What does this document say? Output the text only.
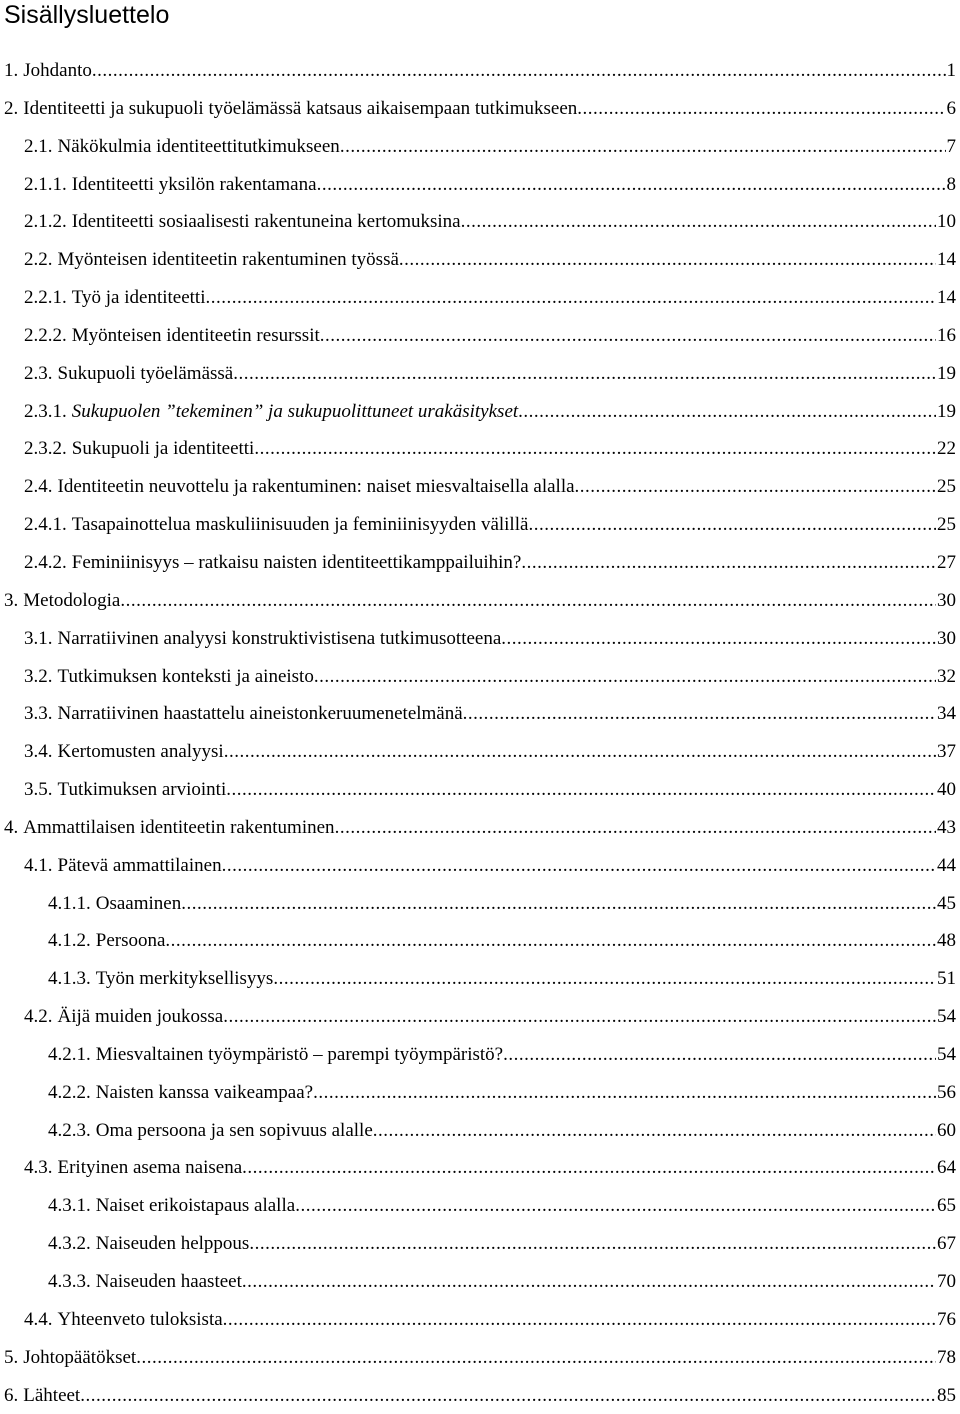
Sisällysluettelo
1. Johdanto .....	1
2. Identiteetti ja sukupuoli työelämässä katsaus aikaisempaan tutkimukseen .....	6
2.1. Näkökulmia identiteettitutkimukseen .....	7
2.1.1. Identiteetti yksilön rakentamana .....	8
2.1.2. Identiteetti sosiaalisesti rakentuneina kertomuksina .....	10
2.2. Myönteisen identiteetin rakentuminen työssä .....	14
2.2.1. Työ ja identiteetti .....	14
2.2.2. Myönteisen identiteetin resurssit .....	16
2.3. Sukupuoli työelämässä .....	19
2.3.1. Sukupuolen ”tekeminen” ja sukupuolittuneet urakäsitykset .....	19
2.3.2. Sukupuoli ja identiteetti .....	22
2.4. Identiteetin neuvottelu ja rakentuminen: naiset miesvaltaisella alalla .....	25
2.4.1. Tasapainottelua maskuliinisuuden ja feminiinisyyden välillä .....	25
2.4.2. Feminiinisyys – ratkaisu naisten identiteettikamppailuihin? .....	27
3. Metodologia .....	30
3.1. Narratiivinen analyysi konstruktivistisena tutkimusotteena .....	30
3.2. Tutkimuksen konteksti ja aineisto .....	32
3.3. Narratiivinen haastattelu aineistonkeruumenetelmänä .....	34
3.4. Kertomusten analyysi .....	37
3.5. Tutkimuksen arviointi .....	40
4. Ammattilaisen identiteetin rakentuminen .....	43
4.1. Pätevä ammattilainen .....	44
4.1.1. Osaaminen .....	45
4.1.2. Persoona .....	48
4.1.3. Työn merkityksellisyys .....	51
4.2. Äijä muiden joukossa .....	54
4.2.1. Miesvaltainen työympäristö – parempi työympäristö? .....	54
4.2.2. Naisten kanssa vaikeampaa? .....	56
4.2.3. Oma persoona ja sen sopivuus alalle .....	60
4.3. Erityinen asema naisena .....	64
4.3.1. Naiset erikoistapaus alalla .....	65
4.3.2. Naiseuden helppous .....	67
4.3.3. Naiseuden haasteet .....	70
4.4. Yhteenveto tuloksista .....	76
5. Johtopäätökset .....	78
6. Lähteet .....	85
